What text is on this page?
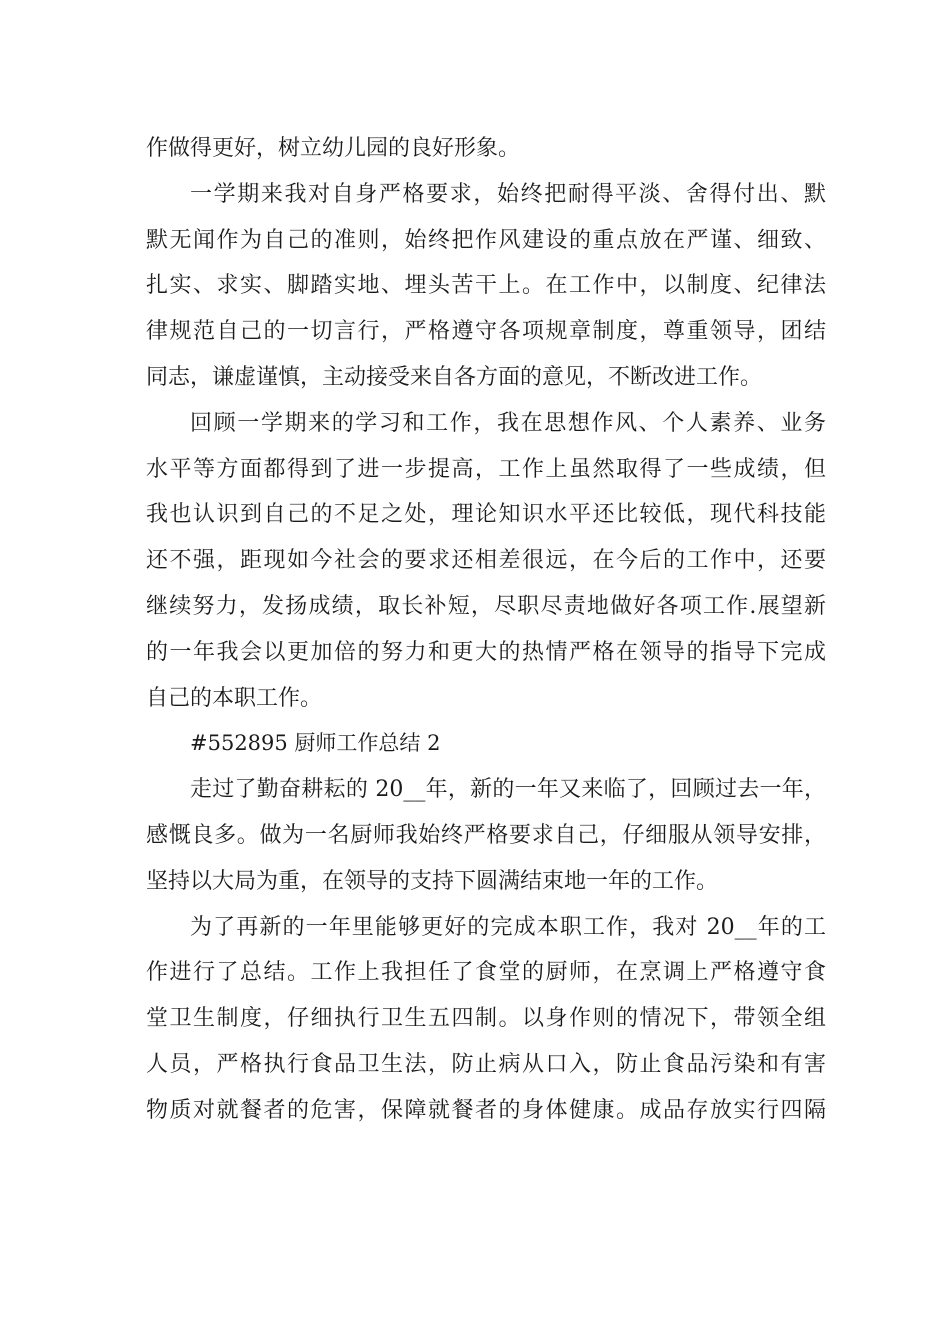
作做得更好，树立幼儿园的良好形象。
一学期来我对自身严格要求，始终把耐得平淡、舍得付出、默
默无闻作为自己的准则，始终把作风建设的重点放在严谨、细致、
扎实、求实、脚踏实地、埋头苦干上。在工作中，以制度、纪律法
律规范自己的一切言行，严格遵守各项规章制度，尊重领导，团结
同志，谦虚谨慎，主动接受来自各方面的意见，不断改进工作。
回顾一学期来的学习和工作，我在思想作风、个人素养、业务
水平等方面都得到了进一步提高，工作上虽然取得了一些成绩，但
我也认识到自己的不足之处，理论知识水平还比较低，现代科技能
还不强，距现如今社会的要求还相差很远，在今后的工作中，还要
继续努力，发扬成绩，取长补短，尽职尽责地做好各项工作.展望新
的一年我会以更加倍的努力和更大的热情严格在领导的指导下完成
自己的本职工作。
#552895 厨师工作总结 2
走过了勤奋耕耘的 20__年，新的一年又来临了，回顾过去一年，
感慨良多。做为一名厨师我始终严格要求自己，仔细服从领导安排，
坚持以大局为重，在领导的支持下圆满结束地一年的工作。
为了再新的一年里能够更好的完成本职工作，我对 20__年的工
作进行了总结。工作上我担任了食堂的厨师，在烹调上严格遵守食
堂卫生制度，仔细执行卫生五四制。以身作则的情况下，带领全组
人员，严格执行食品卫生法，防止病从口入，防止食品污染和有害
物质对就餐者的危害，保障就餐者的身体健康。成品存放实行四隔
